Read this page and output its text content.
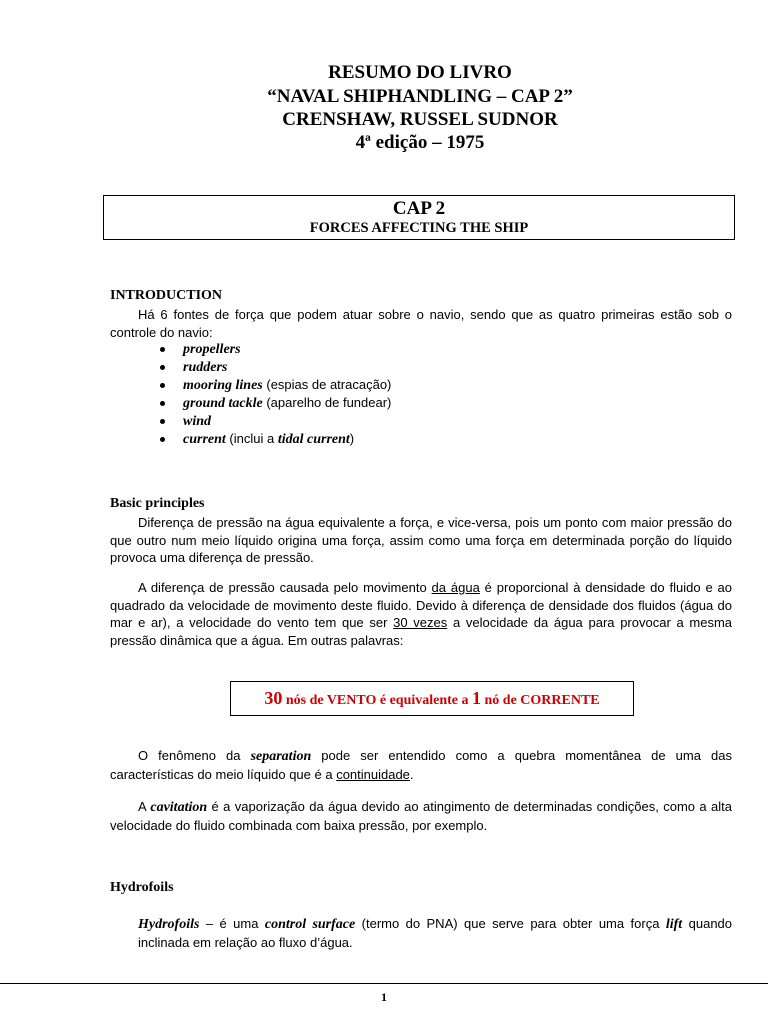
RESUMO DO LIVRO
“NAVAL SHIPHANDLING – CAP 2”
CRENSHAW, RUSSEL SUDNOR
4ª edição – 1975
CAP 2
FORCES AFFECTING THE SHIP
INTRODUCTION
Há 6 fontes de força que podem atuar sobre o navio, sendo que as quatro primeiras estão sob o controle do navio:
propellers
rudders
mooring lines (espias de atracação)
ground tackle (aparelho de fundear)
wind
current (inclui a tidal current)
Basic principles
Diferença de pressão na água equivalente a força, e vice-versa, pois um ponto com maior pressão do que outro num meio líquido origina uma força, assim como uma força em determinada porção do líquido provoca uma diferença de pressão.
A diferença de pressão causada pelo movimento da água é proporcional à densidade do fluido e ao quadrado da velocidade de movimento deste fluido. Devido à diferença de densidade dos fluidos (água do mar e ar), a velocidade do vento tem que ser 30 vezes a velocidade da água para provocar a mesma pressão dinâmica que a água. Em outras palavras:
30 nós de VENTO é equivalente a 1 nó de CORRENTE
O fenômeno da separation pode ser entendido como a quebra momentânea de uma das características do meio líquido que é a continuidade.
A cavitation é a vaporização da água devido ao atingimento de determinadas condições, como a alta velocidade do fluido combinada com baixa pressão, por exemplo.
Hydrofoils
Hydrofoils – é uma control surface (termo do PNA) que serve para obter uma força lift quando inclinada em relação ao fluxo d’água.
1
